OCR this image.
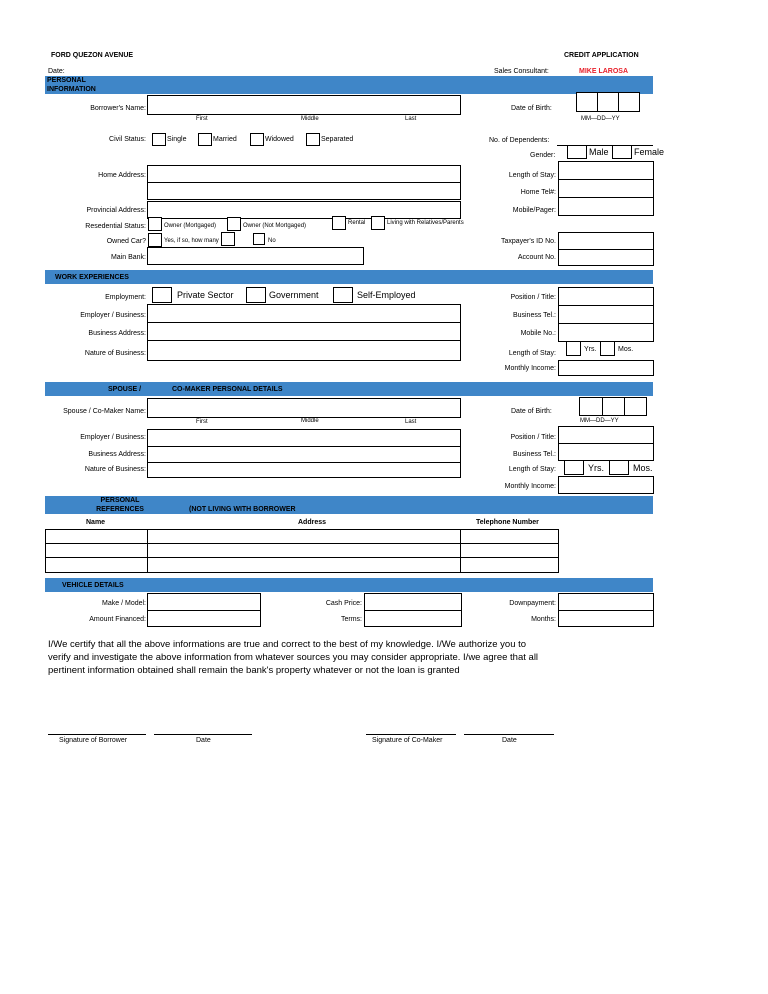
FORD QUEZON AVENUE	CREDIT APPLICATION
Date:	Sales Consultant:	MIKE LAROSA
PERSONAL INFORMATION
Borrower's Name:
First	Middle	Last
Date of Birth:
MM—DD—YY
Civil Status:	Single	Married	Widowed	Separated	No. of Dependents:
Gender:	Male	Female
Home Address:	Length of Stay:
Home Tel#:
Provincial Address:	Mobile/Pager:
Resedential Status:	Owner (Mortgaged)	Owner (Not Mortgaged)	Rental	Living with Relatives/Parents
Owned Car?	Yes, if so, how many	No	Taxpayer's ID No.
Main Bank:	Account No.
WORK EXPERIENCES
Employment:	Private Sector	Government	Self-Employed	Position / Title:
Employer / Business:	Business Tel.:
Business Address:	Mobile No.:
Nature of Business:	Length of Stay:
Yrs.	Mos.
Monthly Income:
SPOUSE /	CO-MAKER PERSONAL DETAILS
Spouse / Co-Maker Name:
First	Middle	Last
Date of Birth:
MM—DD—YY
Employer / Business:	Position / Title:
Business Address:	Business Tel.:
Nature of Business:	Length of Stay:	Yrs.	Mos.
Monthly Income:
PERSONAL REFERENCES	(NOT LIVING WITH BORROWER
Name	Address	Telephone Number
VEHICLE DETAILS
Make / Model:	Cash Price:	Downpayment:
Amount Financed:	Terms:	Months:
I/We certify that all the above informations are true and correct to the best of my knowledge. I/We authorize you to
verify and investigate the above information from whatever sources you may consider appropriate. I/we agree that all
pertinent information obtained shall remain the bank's property whatever or not the loan is granted
Signature of Borrower	Date	Signature of Co-Maker	Date
